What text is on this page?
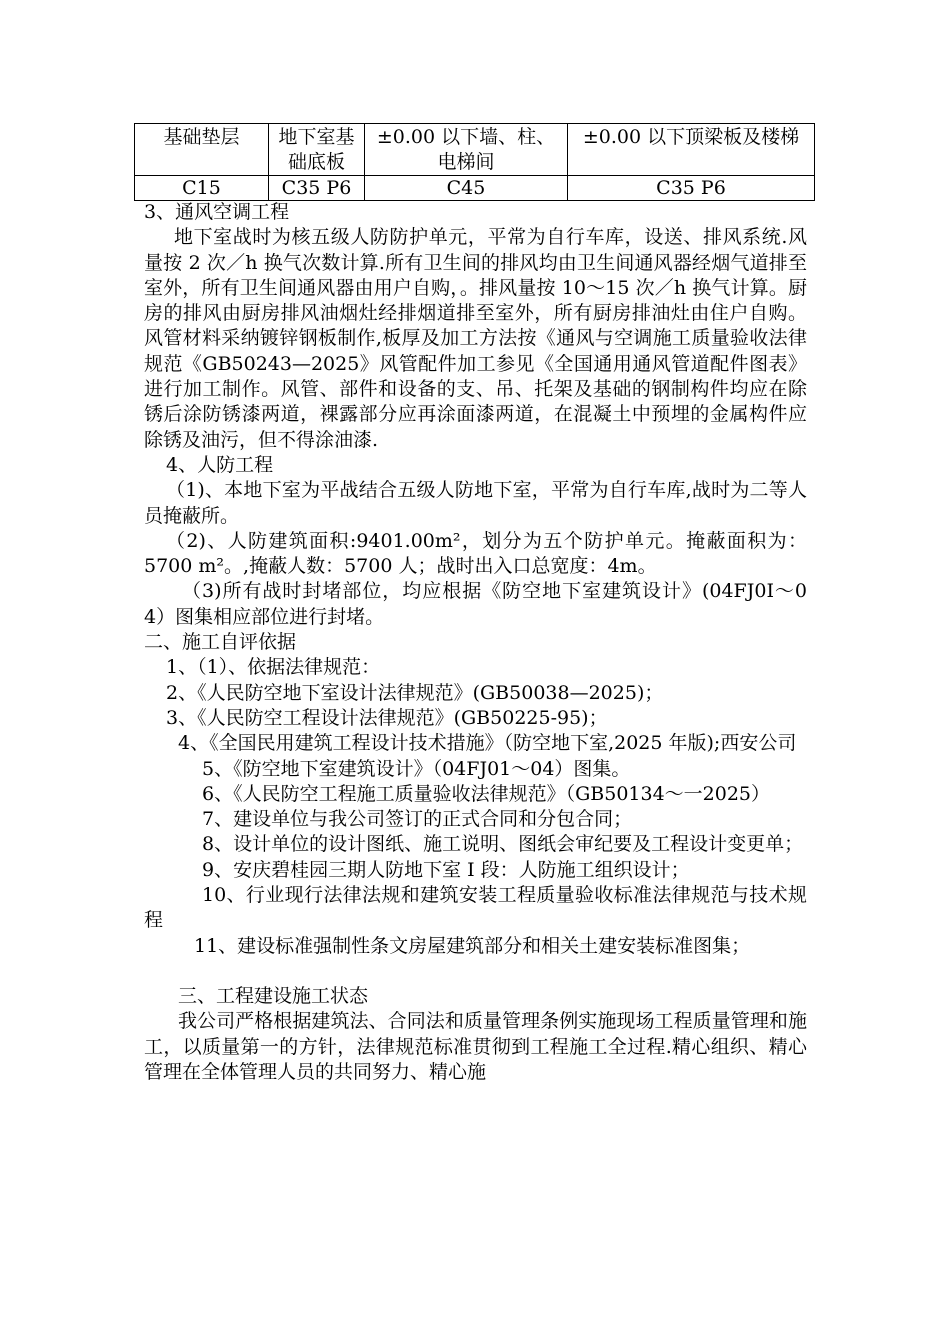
基础垫层	地下室基础底板	±0.00 以下墙、柱、电梯间	±0.00 以下顶梁板及楼梯
C15	C35 P6	C45	C35 P6

3、通风空调工程

地下室战时为核五级人防防护单元，平常为自行车库，设送、排风系统.风量按 2 次／h 换气次数计算.所有卫生间的排风均由卫生间通风器经烟气道排至室外，所有卫生间通风器由用户自购，。排风量按 10～15 次／h 换气计算。厨房的排风由厨房排风油烟灶经排烟道排至室外，所有厨房排油灶由住户自购。风管材料采纳镀锌钢板制作,板厚及加工方法按《通风与空调施工质量验收法律规范《GB50243—2025》风管配件加工参见《全国通用通风管道配件图表》进行加工制作。风管、部件和设备的支、吊、托架及基础的钢制构件均应在除锈后涂防锈漆两道，裸露部分应再涂面漆两道，在混凝土中预埋的金属构件应除锈及油污，但不得涂油漆.

4、人防工程

（1)、本地下室为平战结合五级人防地下室，平常为自行车库,战时为二等人员掩蔽所。

（2)、人防建筑面积:9401.00m²，划分为五个防护单元。掩蔽面积为：5700 m²。,掩蔽人数：5700 人；战时出入口总宽度：4m。

（3)所有战时封堵部位，均应根据《防空地下室建筑设计》(04FJ0I～0 4）图集相应部位进行封堵。

二、施工自评依据

1、（1）、依据法律规范：

2、《人民防空地下室设计法律规范》(GB50038—2025)；

3、《人民防空工程设计法律规范》(GB50225-95)；

4、《全国民用建筑工程设计技术措施》（防空地下室,2025 年版);西安公司

5、《防空地下室建筑设计》（04FJ01～04）图集。

6、《人民防空工程施工质量验收法律规范》（GB50134～一2025）

7、建设单位与我公司签订的正式合同和分包合同；

8、设计单位的设计图纸、施工说明、图纸会审纪要及工程设计变更单；

9、安庆碧桂园三期人防地下室 I 段：人防施工组织设计；

10、行业现行法律法规和建筑安装工程质量验收标准法律规范与技术规程

11、建设标准强制性条文房屋建筑部分和相关土建安装标准图集；

三、工程建设施工状态

我公司严格根据建筑法、合同法和质量管理条例实施现场工程质量管理和施工，以质量第一的方针，法律规范标准贯彻到工程施工全过程.精心组织、精心管理在全体管理人员的共同努力、精心施
